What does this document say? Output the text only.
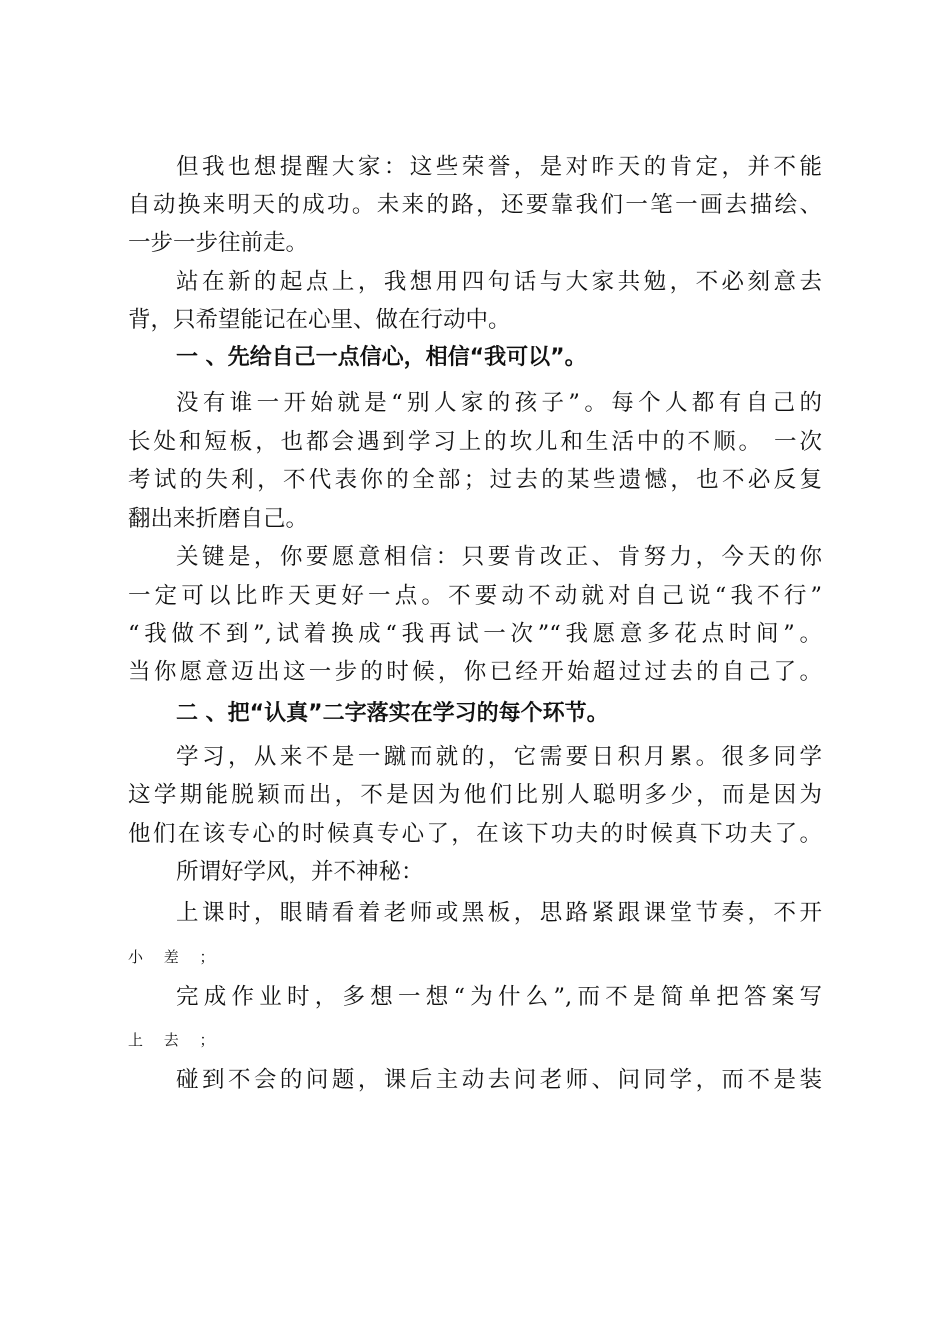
但我也想提醒大家：这些荣誉，是对昨天的肯定，并不能
自动换来明天的成功。未来的路，还要靠我们一笔一画去描绘、
一步一步往前走。
站在新的起点上，我想用四句话与大家共勉，不必刻意去
背，只希望能记在心里、做在行动中。
一 、先给自己一点信心，相信“我可以”。
没有谁一开始就是“别人家的孩子”。每个人都有自己的
长处和短板，也都会遇到学习上的坎儿和生活中的不顺。 一次
考试的失利，不代表你的全部；过去的某些遗憾，也不必反复
翻出来折磨自己。
关键是，你要愿意相信：只要肯改正、肯努力，今天的你
一定可以比昨天更好一点。不要动不动就对自己说“我不行”
“我做不到”,试着换成“我再试一次”“我愿意多花点时间”。
当你愿意迈出这一步的时候，你已经开始超过过去的自己了。
二 、把“认真”二字落实在学习的每个环节。
学习，从来不是一蹴而就的，它需要日积月累。很多同学
这学期能脱颖而出，不是因为他们比别人聪明多少，而是因为
他们在该专心的时候真专心了，在该下功夫的时候真下功夫了。
所谓好学风，并不神秘：
上课时，眼睛看着老师或黑板，思路紧跟课堂节奏，不开
小 差 ；
完成作业时，多想一想“为什么”,而不是简单把答案写
上 去 ；
碰到不会的问题，课后主动去问老师、问同学，而不是装
